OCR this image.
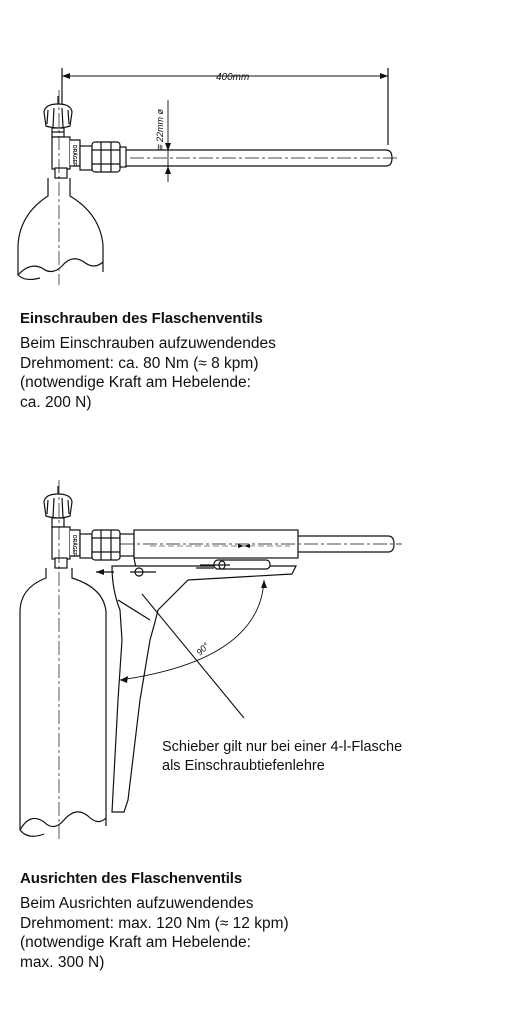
400mm
≅ 22mm ø
DRÄGER
Einschrauben des Flaschenventils
Beim Einschrauben aufzuwendendes
Drehmoment: ca. 80 Nm (≈ 8 kpm)
(notwendige Kraft am Hebelende:
ca. 200 N)
90°
DRÄGER
Schieber gilt nur bei einer 4-l-Flasche
als Einschraubtiefenlehre
Ausrichten des Flaschenventils
Beim Ausrichten aufzuwendendes
Drehmoment: max. 120 Nm (≈ 12 kpm)
(notwendige Kraft am Hebelende:
max. 300 N)
